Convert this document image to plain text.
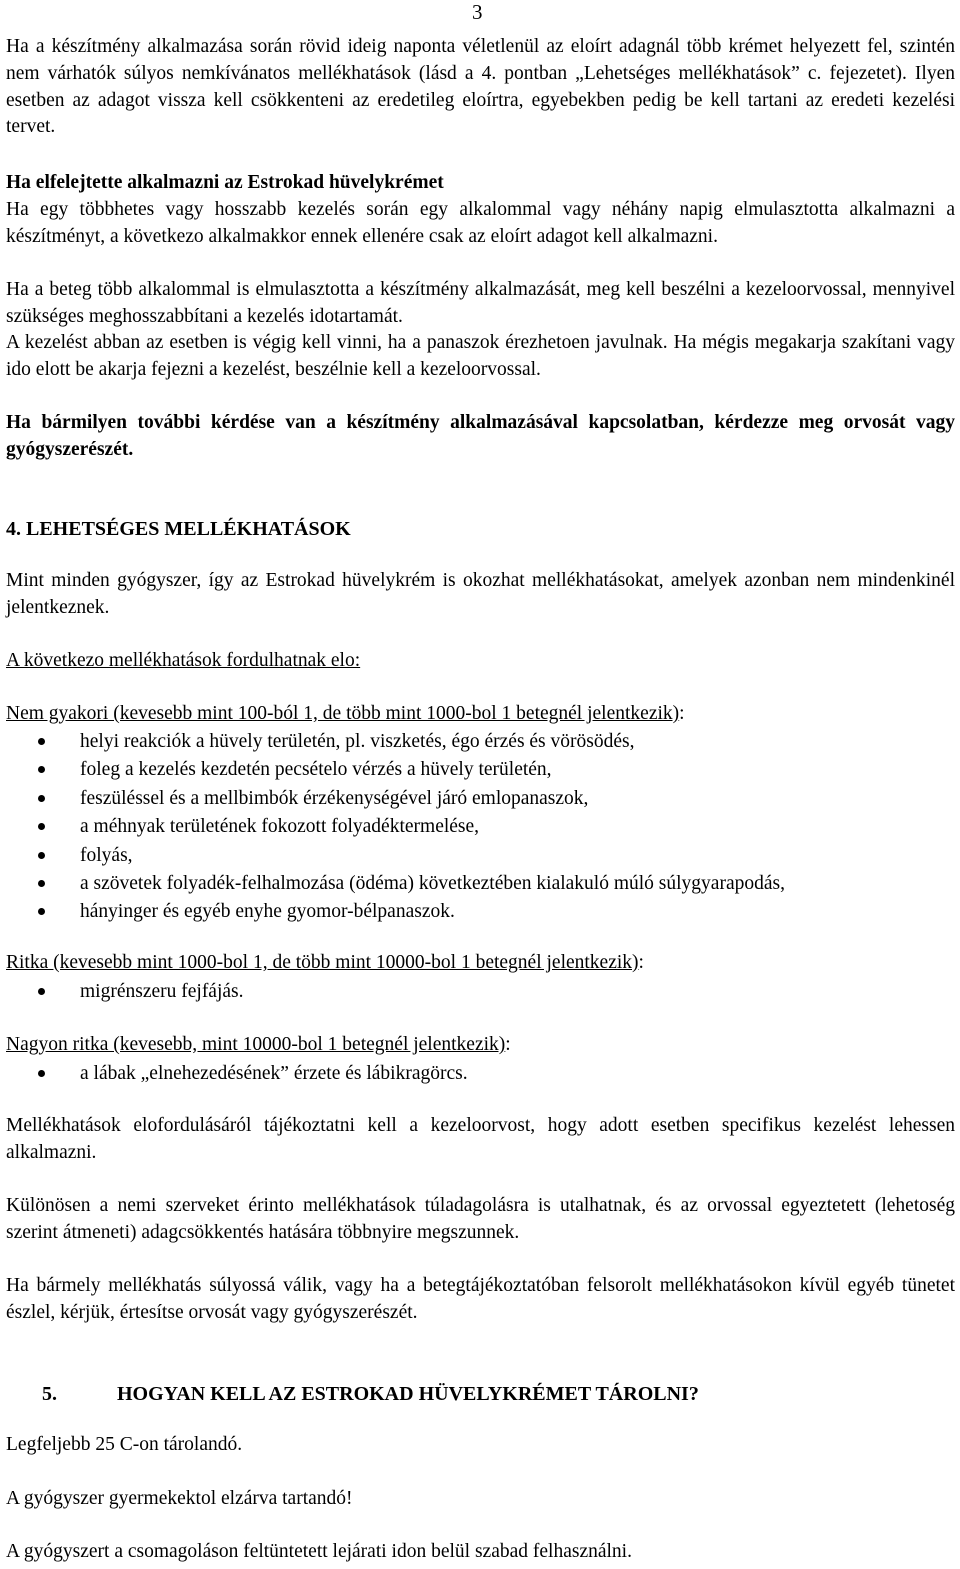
3

Ha a készítmény alkalmazása során rövid ideig naponta véletlenül az eloírt adagnál több krémet helyezett fel, szintén nem várhatók súlyos nemkívánatos mellékhatások (lásd a 4. pontban „Lehetséges mellékhatások” c. fejezetet). Ilyen esetben az adagot vissza kell csökkenteni az eredetileg eloírtra, egyebekben pedig be kell tartani az eredeti kezelési tervet.

Ha elfelejtette alkalmazni az Estrokad hüvelykrémet

Ha egy többhetes vagy hosszabb kezelés során egy alkalommal vagy néhány napig elmulasztotta alkalmazni a készítményt, a következo alkalmakkor ennek ellenére csak az eloírt adagot kell alkalmazni.

Ha a beteg több alkalommal is elmulasztotta a készítmény alkalmazását, meg kell beszélni a kezeloorvossal, mennyivel szükséges meghosszabbítani a kezelés idotartamát.

A kezelést abban az esetben is végig kell vinni, ha a panaszok érezhetoen javulnak. Ha mégis megakarja szakítani vagy ido elott be akarja fejezni a kezelést, beszélnie kell a kezeloorvossal.

Ha bármilyen további kérdése van a készítmény alkalmazásával kapcsolatban, kérdezze meg orvosát vagy gyógyszerészét.

4. LEHETSÉGES MELLÉKHATÁSOK

Mint minden gyógyszer, így az Estrokad hüvelykrém is okozhat mellékhatásokat, amelyek azonban nem mindenkinél jelentkeznek.

A következo mellékhatások fordulhatnak elo:

Nem gyakori (kevesebb mint 100-ból 1, de több mint 1000-bol 1 betegnél jelentkezik):

helyi reakciók a hüvely területén, pl. viszketés, égo érzés és vörösödés,
foleg a kezelés kezdetén pecsételo vérzés a hüvely területén,
feszüléssel és a mellbimbók érzékenységével járó emlopanaszok,
a méhnyak területének fokozott folyadéktermelése,
folyás,
a szövetek folyadék-felhalmozása (ödéma) következtében kialakuló múló súlygyarapodás,
hányinger és egyéb enyhe gyomor-bélpanaszok.

Ritka (kevesebb mint 1000-bol 1, de több mint 10000-bol 1 betegnél jelentkezik):

migrénszeru fejfájás.

Nagyon ritka (kevesebb, mint 10000-bol 1 betegnél jelentkezik):

a lábak „elnehezedésének” érzete és lábikragörcs.

Mellékhatások elofordulásáról tájékoztatni kell a kezeloorvost, hogy adott esetben specifikus kezelést lehessen alkalmazni.

Különösen a nemi szerveket érinto mellékhatások túladagolásra is utalhatnak, és az orvossal egyeztetett (lehetoség szerint átmeneti) adagcsökkentés hatására többnyire megszunnek.

Ha bármely mellékhatás súlyossá válik, vagy ha a betegtájékoztatóban felsorolt mellékhatásokon kívül egyéb tünetet észlel, kérjük, értesítse orvosát vagy gyógyszerészét.

5.	HOGYAN KELL AZ ESTROKAD HÜVELYKRÉMET TÁROLNI?

Legfeljebb 25 C-on tárolandó.

A gyógyszer gyermekektol elzárva tartandó!

A gyógyszert a csomagoláson feltüntetett lejárati idon belül szabad felhasználni.
